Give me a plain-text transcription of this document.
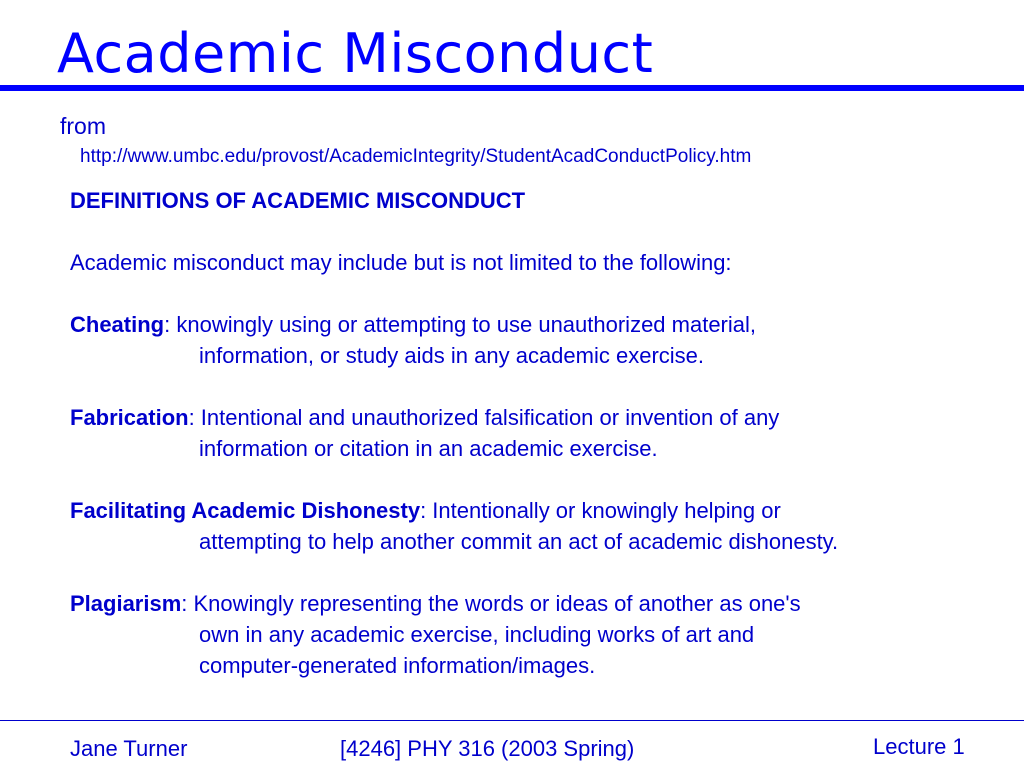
Academic Misconduct
from
http://www.umbc.edu/provost/AcademicIntegrity/StudentAcadConductPolicy.htm
DEFINITIONS OF ACADEMIC MISCONDUCT
Academic misconduct may include but is not limited to the following:
Cheating: knowingly using or attempting to use unauthorized material,
information, or study aids in any academic exercise.
Fabrication: Intentional and unauthorized falsification or invention of any
information or citation in an academic exercise.
Facilitating Academic Dishonesty: Intentionally or knowingly helping or
attempting to help another commit an act of academic dishonesty.
Plagiarism: Knowingly representing the words or ideas of another as one's
own in any academic exercise, including works of art and
computer-generated information/images.
Jane Turner	[4246] PHY 316 (2003 Spring)	Lecture 1
